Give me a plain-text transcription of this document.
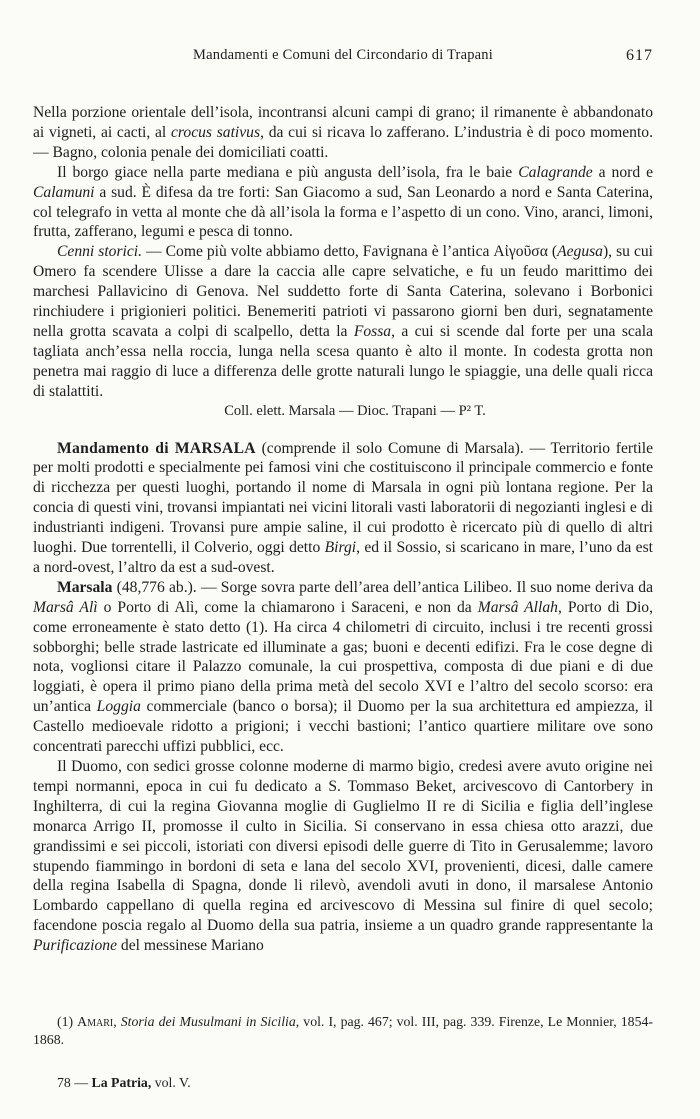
Mandamenti e Comuni del Circondario di Trapani	617

Nella porzione orientale dell’isola, incontransi alcuni campi di grano; il rimanente è abbandonato ai vigneti, ai cacti, al crocus sativus, da cui si ricava lo zafferano. L’industria è di poco momento. — Bagno, colonia penale dei domiciliati coatti.

Il borgo giace nella parte mediana e più angusta dell’isola, fra le baie Calagrande a nord e Calamuni a sud. È difesa da tre forti: San Giacomo a sud, San Leonardo a nord e Santa Caterina, col telegrafo in vetta al monte che dà all’isola la forma e l’aspetto di un cono. Vino, aranci, limoni, frutta, zafferano, legumi e pesca di tonno.

Cenni storici. — Come più volte abbiamo detto, Favignana è l’antica Αἰγοῦσα (Aegusa), su cui Omero fa scendere Ulisse a dare la caccia alle capre selvatiche, e fu un feudo marittimo dei marchesi Pallavicino di Genova. Nel suddetto forte di Santa Caterina, solevano i Borbonici rinchiudere i prigionieri politici. Benemeriti patrioti vi passarono giorni ben duri, segnatamente nella grotta scavata a colpi di scalpello, detta la Fossa, a cui si scende dal forte per una scala tagliata anch’essa nella roccia, lunga nella scesa quanto è alto il monte. In codesta grotta non penetra mai raggio di luce a differenza delle grotte naturali lungo le spiaggie, una delle quali ricca di stalattiti.

Coll. elett. Marsala — Dioc. Trapani — P² T.

Mandamento di MARSALA (comprende il solo Comune di Marsala). — Territorio fertile per molti prodotti e specialmente pei famosi vini che costituiscono il principale commercio e fonte di ricchezza per questi luoghi, portando il nome di Marsala in ogni più lontana regione. Per la concia di questi vini, trovansi impiantati nei vicini litorali vasti laboratorii di negozianti inglesi e di industrianti indigeni. Trovansi pure ampie saline, il cui prodotto è ricercato più di quello di altri luoghi. Due torrentelli, il Colverio, oggi detto Birgi, ed il Sossio, si scaricano in mare, l’uno da est a nord-ovest, l’altro da est a sud-ovest.

Marsala (48,776 ab.). — Sorge sovra parte dell’area dell’antica Lilibeo. Il suo nome deriva da Marsâ Alì o Porto di Alì, come la chiamarono i Saraceni, e non da Marsâ Allah, Porto di Dio, come erroneamente è stato detto (1). Ha circa 4 chilometri di circuito, inclusi i tre recenti grossi sobborghi; belle strade lastricate ed illuminate a gas; buoni e decenti edifizi. Fra le cose degne di nota, voglionsi citare il Palazzo comunale, la cui prospettiva, composta di due piani e di due loggiati, è opera il primo piano della prima metà del secolo XVI e l’altro del secolo scorso: era un’antica Loggia commerciale (banco o borsa); il Duomo per la sua architettura ed ampiezza, il Castello medioevale ridotto a prigioni; i vecchi bastioni; l’antico quartiere militare ove sono concentrati parecchi uffizi pubblici, ecc.

Il Duomo, con sedici grosse colonne moderne di marmo bigio, credesi avere avuto origine nei tempi normanni, epoca in cui fu dedicato a S. Tommaso Beket, arcivescovo di Cantorbery in Inghilterra, di cui la regina Giovanna moglie di Guglielmo II re di Sicilia e figlia dell’inglese monarca Arrigo II, promosse il culto in Sicilia. Si conservano in essa chiesa otto arazzi, due grandissimi e sei piccoli, istoriati con diversi episodi delle guerre di Tito in Gerusalemme; lavoro stupendo fiammingo in bordoni di seta e lana del secolo XVI, provenienti, dicesi, dalle camere della regina Isabella di Spagna, donde li rilevò, avendoli avuti in dono, il marsalese Antonio Lombardo cappellano di quella regina ed arcivescovo di Messina sul finire di quel secolo; facendone poscia regalo al Duomo della sua patria, insieme a un quadro grande rappresentante la Purificazione del messinese Mariano

(1) Amari, Storia dei Musulmani in Sicilia, vol. I, pag. 467; vol. III, pag. 339. Firenze, Le Monnier, 1854-1868.
78 — La Patria, vol. V.
